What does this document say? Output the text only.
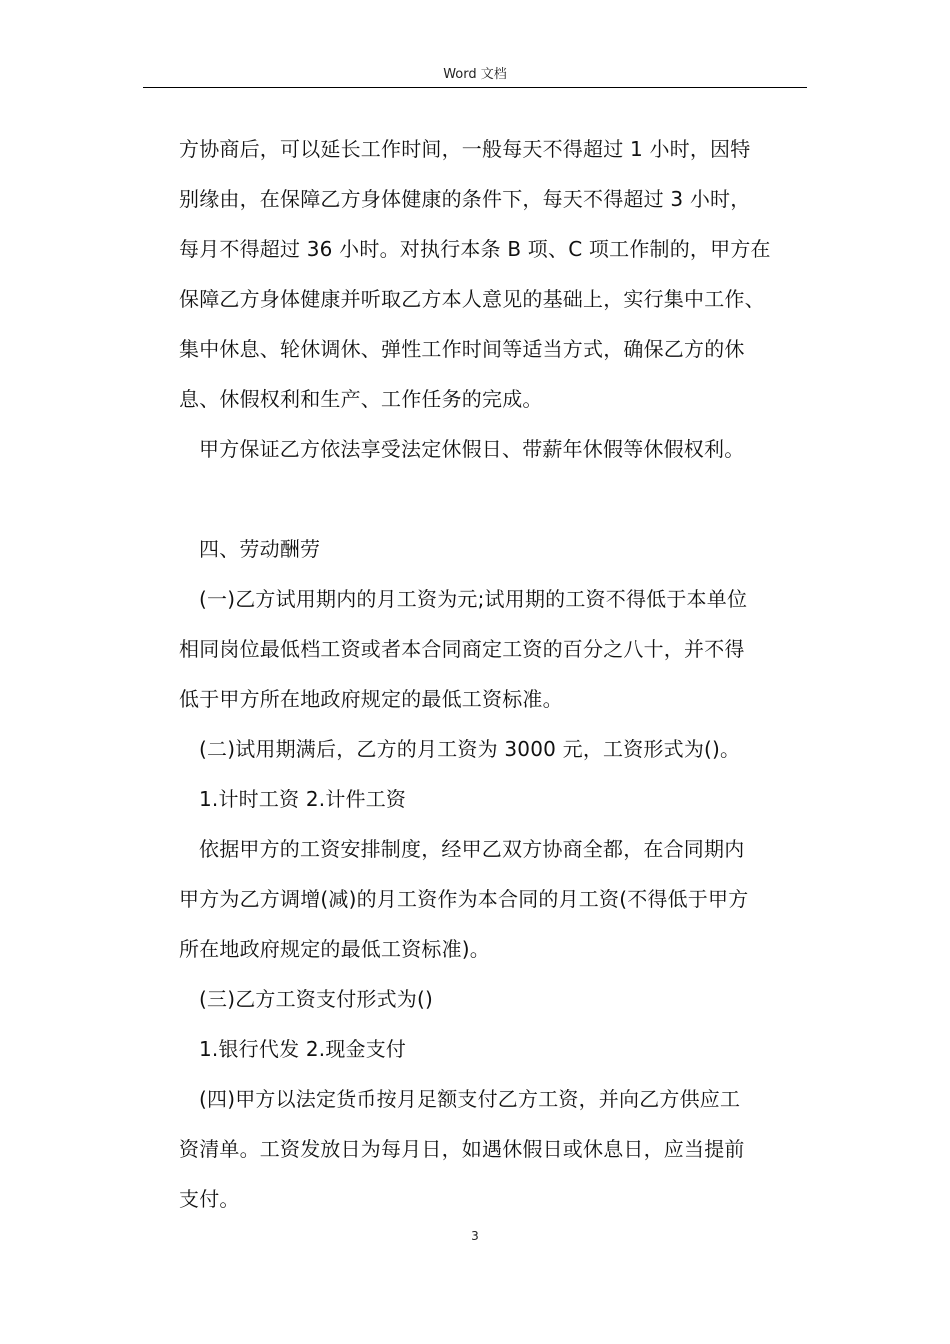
Word 文档
方协商后，可以延长工作时间，一般每天不得超过 1 小时，因特
别缘由，在保障乙方身体健康的条件下，每天不得超过 3 小时，
每月不得超过 36 小时。对执行本条 B 项、C 项工作制的，甲方在
保障乙方身体健康并听取乙方本人意见的基础上，实行集中工作、
集中休息、轮休调休、弹性工作时间等适当方式，确保乙方的休
息、休假权利和生产、工作任务的完成。
甲方保证乙方依法享受法定休假日、带薪年休假等休假权利。
四、劳动酬劳
(一)乙方试用期内的月工资为元;试用期的工资不得低于本单位
相同岗位最低档工资或者本合同商定工资的百分之八十，并不得
低于甲方所在地政府规定的最低工资标准。
(二)试用期满后，乙方的月工资为 3000 元，工资形式为()。
1.计时工资 2.计件工资
依据甲方的工资安排制度，经甲乙双方协商全都，在合同期内
甲方为乙方调增(减)的月工资作为本合同的月工资(不得低于甲方
所在地政府规定的最低工资标准)。
(三)乙方工资支付形式为()
1.银行代发 2.现金支付
(四)甲方以法定货币按月足额支付乙方工资，并向乙方供应工
资清单。工资发放日为每月日，如遇休假日或休息日，应当提前
支付。
3
